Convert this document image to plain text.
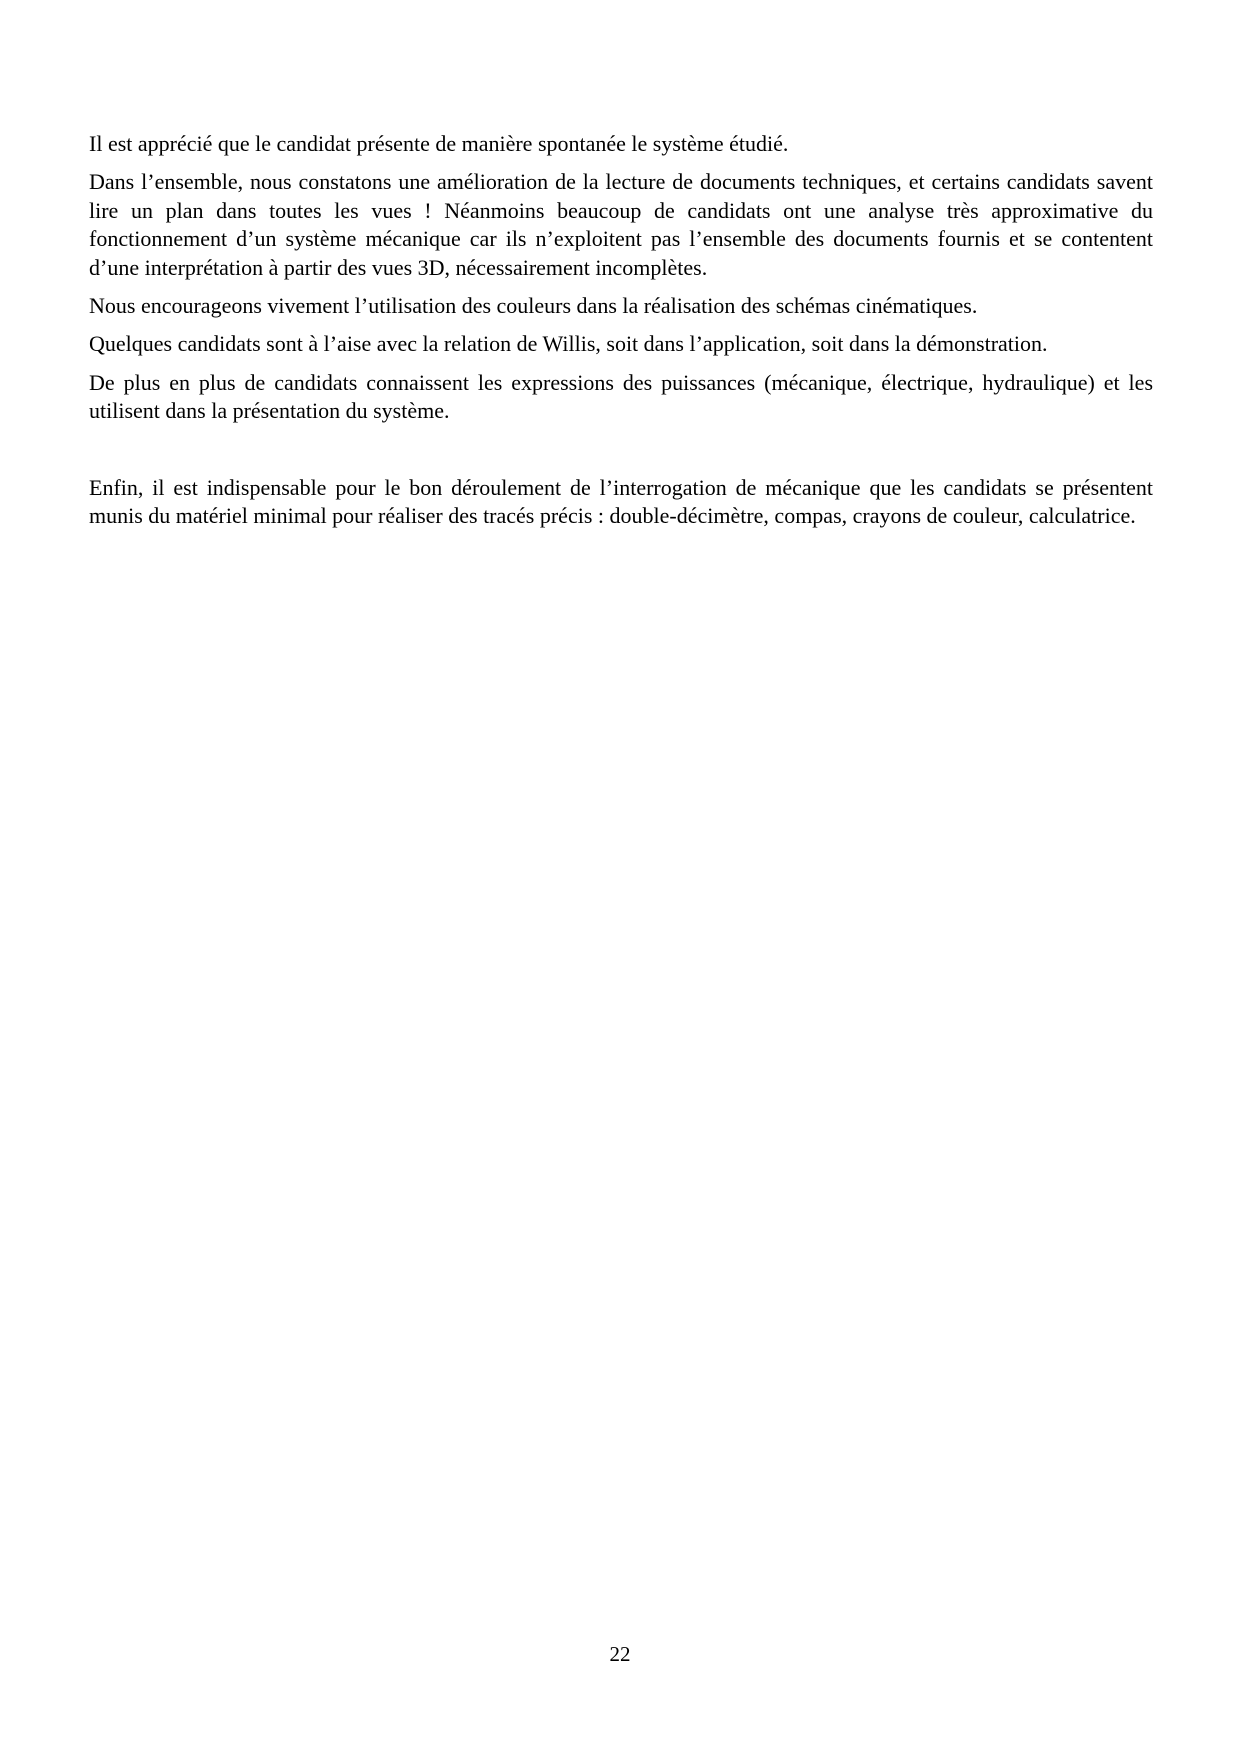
Il est apprécié que le candidat présente de manière spontanée le système étudié.

Dans l’ensemble, nous constatons une amélioration de la lecture de documents techniques, et certains candidats savent lire un plan dans toutes les vues ! Néanmoins beaucoup de candidats ont une analyse très approximative du fonctionnement d’un système mécanique car ils n’exploitent pas l’ensemble des documents fournis et se contentent d’une interprétation à partir des vues 3D, nécessairement incomplètes.

Nous encourageons vivement l’utilisation des couleurs dans la réalisation des schémas cinématiques.

Quelques candidats sont à l’aise avec la relation de Willis, soit dans l’application, soit dans la démonstration.

De plus en plus de candidats connaissent les expressions des puissances (mécanique, électrique, hydraulique) et les utilisent dans la présentation du système.

Enfin, il est indispensable pour le bon déroulement de l’interrogation de mécanique que les candidats se présentent munis du matériel minimal pour réaliser des tracés précis : double-décimètre, compas, crayons de couleur, calculatrice.

22
